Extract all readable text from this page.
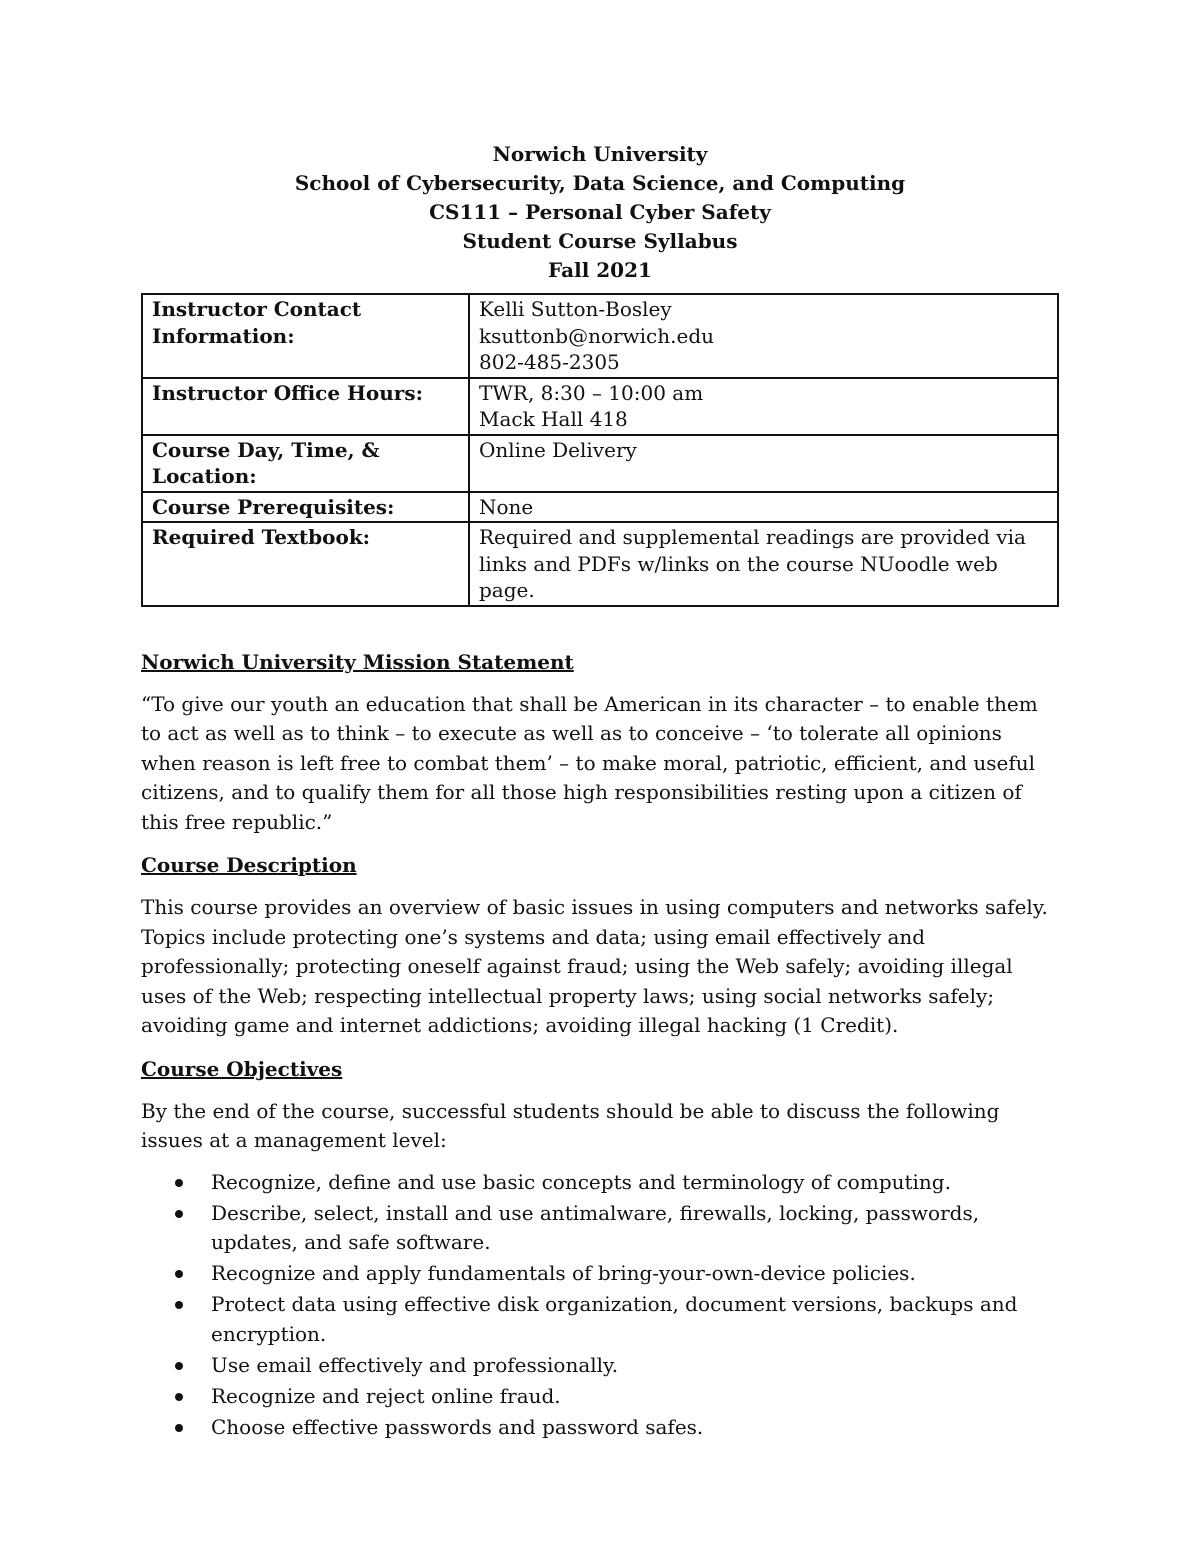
Norwich University
School of Cybersecurity, Data Science, and Computing
CS111 – Personal Cyber Safety
Student Course Syllabus
Fall 2021
Instructor Contact Information:	Kelli Sutton-Bosley
ksuttonb@norwich.edu
802-485-2305

Instructor Office Hours:	TWR, 8:30 – 10:00 am
Mack Hall 418

Course Day, Time, & Location:	Online Delivery

Course Prerequisites:	None

Required Textbook:	Required and supplemental readings are provided via links and PDFs w/links on the course NUoodle web page.

Norwich University Mission Statement

“To give our youth an education that shall be American in its character – to enable them to act as well as to think – to execute as well as to conceive – ‘to tolerate all opinions when reason is left free to combat them’ – to make moral, patriotic, efficient, and useful citizens, and to qualify them for all those high responsibilities resting upon a citizen of this free republic.”

Course Description

This course provides an overview of basic issues in using computers and networks safely. Topics include protecting one’s systems and data; using email effectively and professionally; protecting oneself against fraud; using the Web safely; avoiding illegal uses of the Web; respecting intellectual property laws; using social networks safely; avoiding game and internet addictions; avoiding illegal hacking (1 Credit).

Course Objectives

By the end of the course, successful students should be able to discuss the following issues at a management level:

Recognize, define and use basic concepts and terminology of computing.
Describe, select, install and use antimalware, firewalls, locking, passwords, updates, and safe software.
Recognize and apply fundamentals of bring-your-own-device policies.
Protect data using effective disk organization, document versions, backups and encryption.
Use email effectively and professionally.
Recognize and reject online fraud.
Choose effective passwords and password safes.
